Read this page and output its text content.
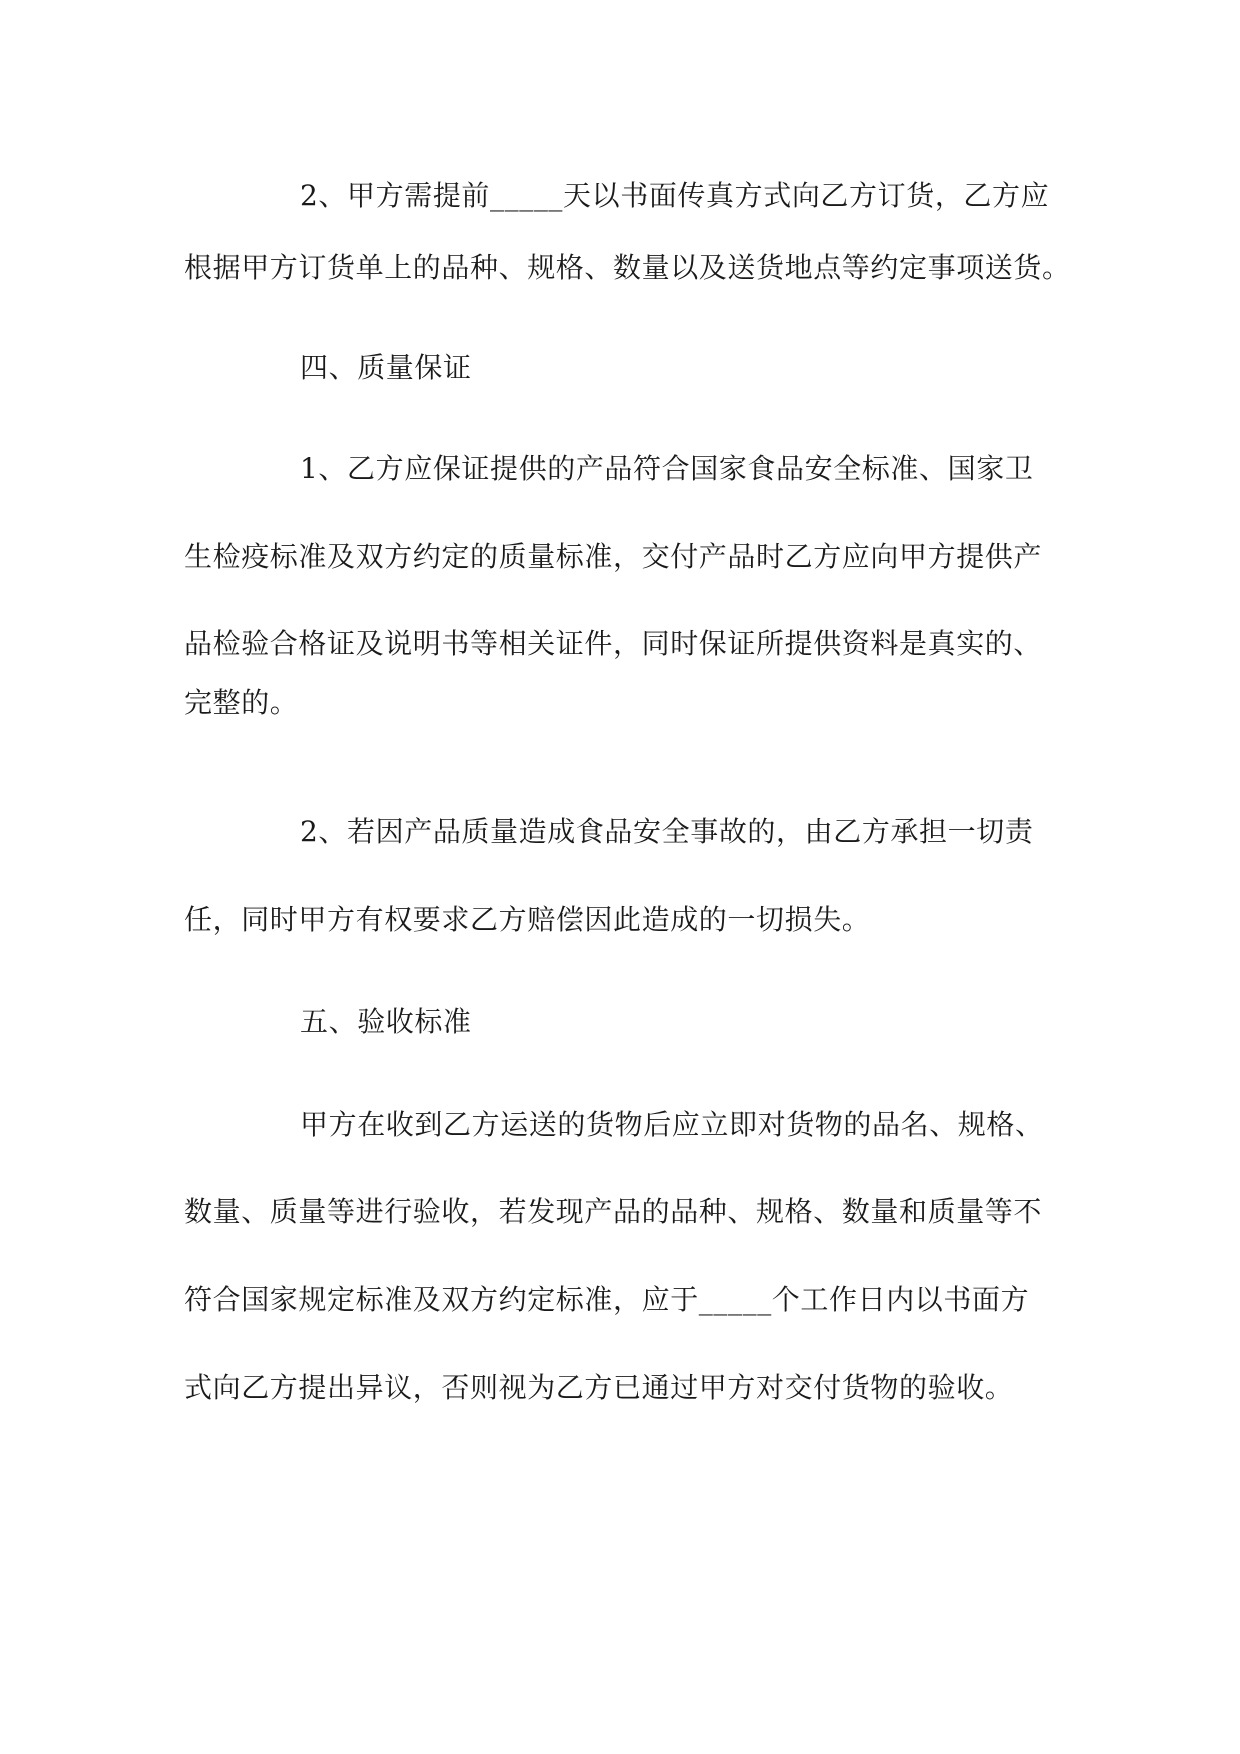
2、甲方需提前_____天以书面传真方式向乙方订货，乙方应
根据甲方订货单上的品种、规格、数量以及送货地点等约定事项送货。
四、质量保证
1、乙方应保证提供的产品符合国家食品安全标准、国家卫
生检疫标准及双方约定的质量标准，交付产品时乙方应向甲方提供产
品检验合格证及说明书等相关证件，同时保证所提供资料是真实的、
完整的。
2、若因产品质量造成食品安全事故的，由乙方承担一切责
任，同时甲方有权要求乙方赔偿因此造成的一切损失。
五、验收标准
甲方在收到乙方运送的货物后应立即对货物的品名、规格、
数量、质量等进行验收，若发现产品的品种、规格、数量和质量等不
符合国家规定标准及双方约定标准，应于_____个工作日内以书面方
式向乙方提出异议，否则视为乙方已通过甲方对交付货物的验收。
